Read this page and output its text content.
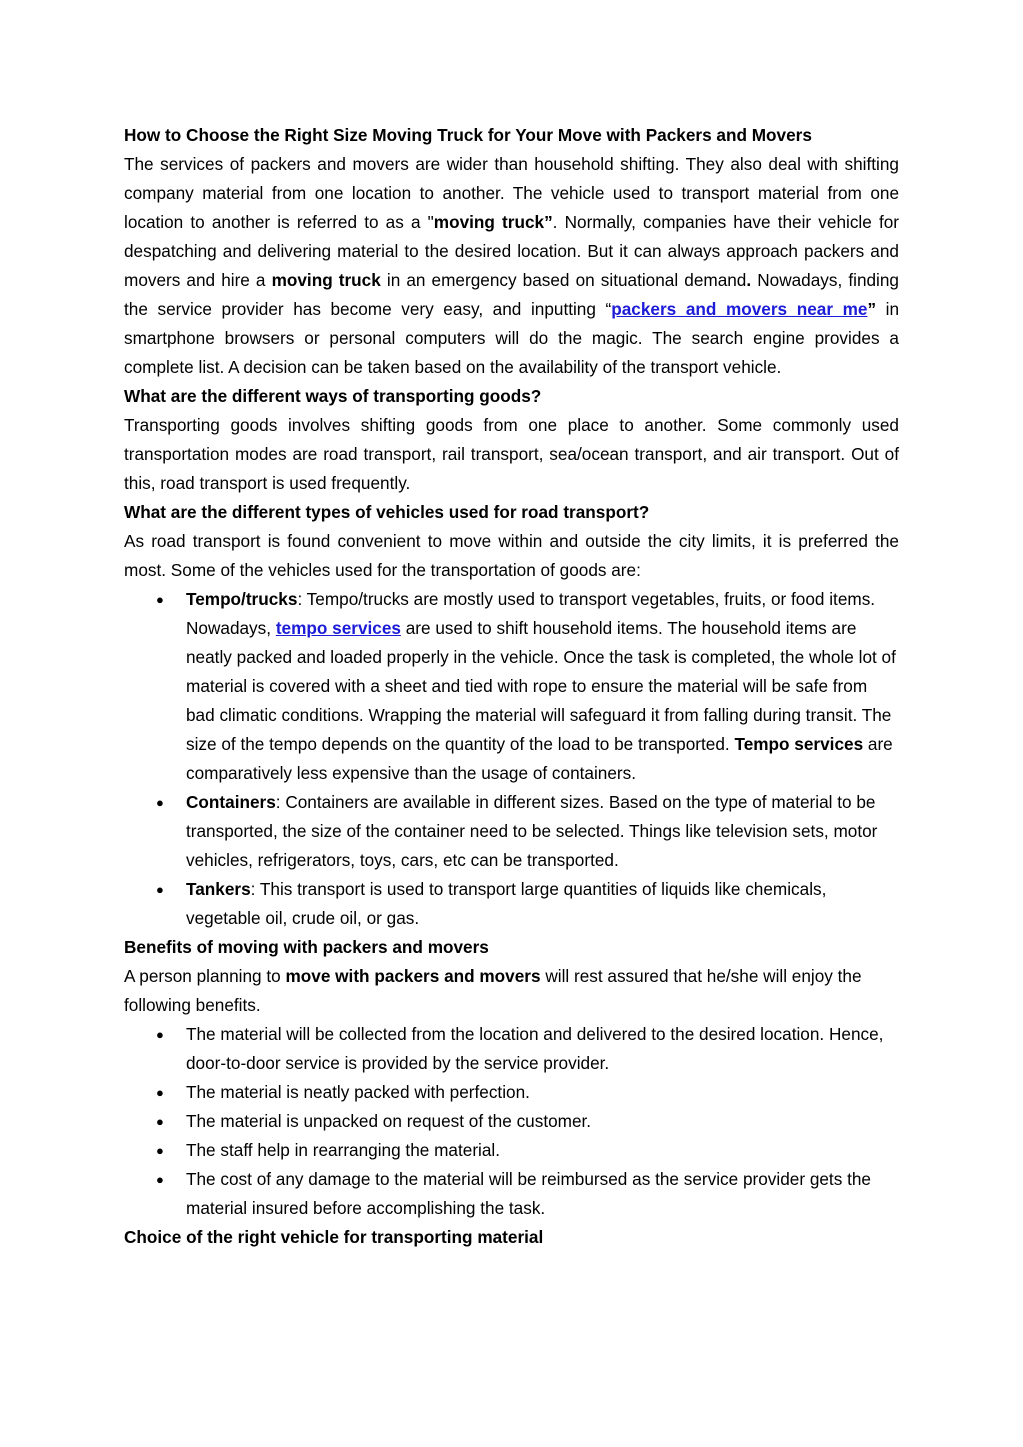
How to Choose the Right Size Moving Truck for Your Move with Packers and Movers

The services of packers and movers are wider than household shifting. They also deal with shifting company material from one location to another. The vehicle used to transport material from one location to another is referred to as a "moving truck”. Normally, companies have their vehicle for despatching and delivering material to the desired location. But it can always approach packers and movers and hire a moving truck in an emergency based on situational demand. Nowadays, finding the service provider has become very easy, and inputting “packers and movers near me” in smartphone browsers or personal computers will do the magic. The search engine provides a complete list. A decision can be taken based on the availability of the transport vehicle.

What are the different ways of transporting goods?

Transporting goods involves shifting goods from one place to another. Some commonly used transportation modes are road transport, rail transport, sea/ocean transport, and air transport. Out of this, road transport is used frequently.

What are the different types of vehicles used for road transport?

As road transport is found convenient to move within and outside the city limits, it is preferred the most. Some of the vehicles used for the transportation of goods are:

● Tempo/trucks: Tempo/trucks are mostly used to transport vegetables, fruits, or food items. Nowadays, tempo services are used to shift household items. The household items are neatly packed and loaded properly in the vehicle. Once the task is completed, the whole lot of material is covered with a sheet and tied with rope to ensure the material will be safe from bad climatic conditions. Wrapping the material will safeguard it from falling during transit. The size of the tempo depends on the quantity of the load to be transported. Tempo services are comparatively less expensive than the usage of containers.
● Containers: Containers are available in different sizes. Based on the type of material to be transported, the size of the container need to be selected. Things like television sets, motor vehicles, refrigerators, toys, cars, etc can be transported.
● Tankers: This transport is used to transport large quantities of liquids like chemicals, vegetable oil, crude oil, or gas.

Benefits of moving with packers and movers

A person planning to move with packers and movers will rest assured that he/she will enjoy the following benefits.

● The material will be collected from the location and delivered to the desired location. Hence, door-to-door service is provided by the service provider.
● The material is neatly packed with perfection.
● The material is unpacked on request of the customer.
● The staff help in rearranging the material.
● The cost of any damage to the material will be reimbursed as the service provider gets the material insured before accomplishing the task.

Choice of the right vehicle for transporting material
